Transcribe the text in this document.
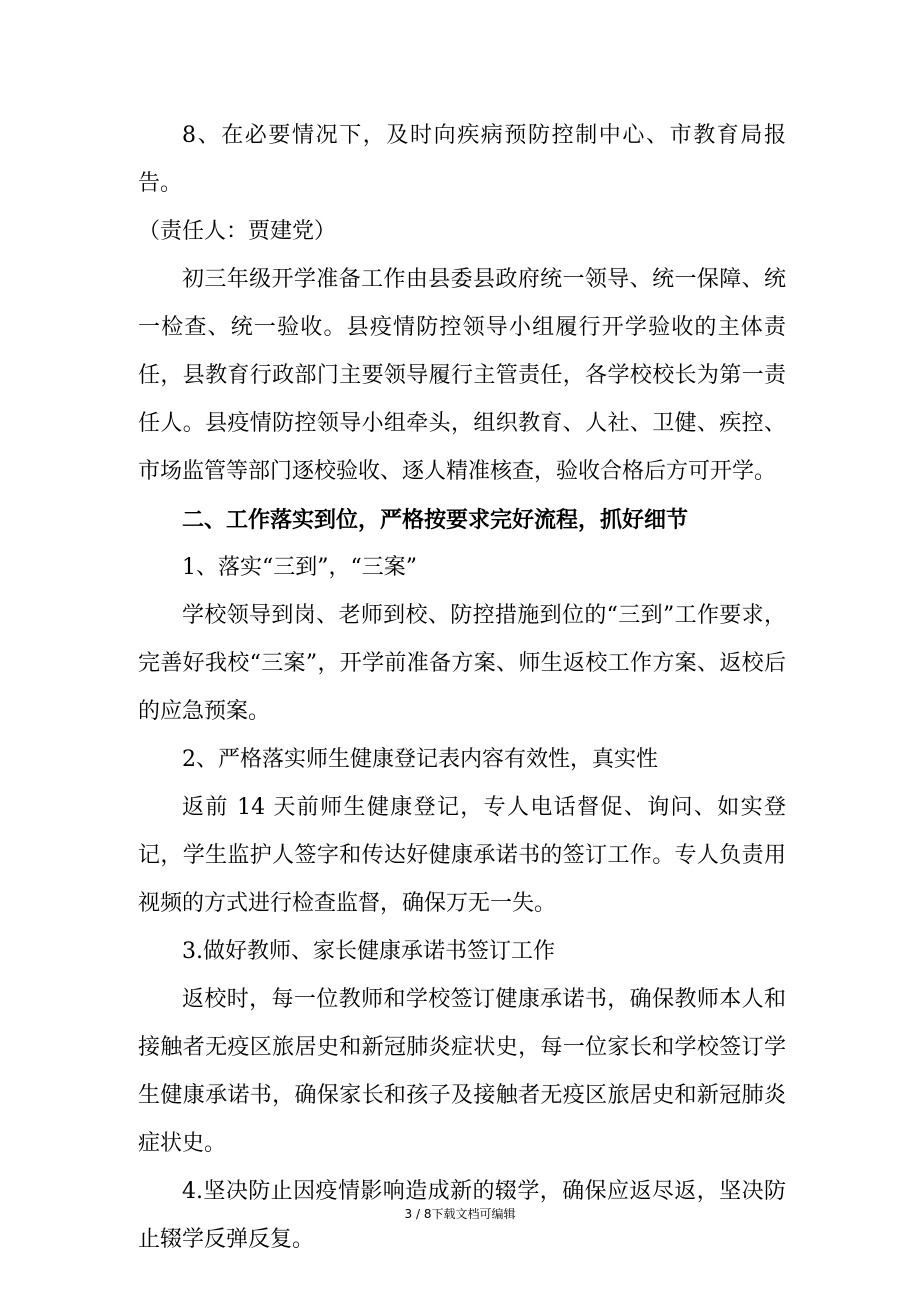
8、在必要情况下，及时向疾病预防控制中心、市教育局报告。

（责任人：贾建党）

初三年级开学准备工作由县委县政府统一领导、统一保障、统一检查、统一验收。县疫情防控领导小组履行开学验收的主体责任，县教育行政部门主要领导履行主管责任，各学校校长为第一责任人。县疫情防控领导小组牵头，组织教育、人社、卫健、疾控、市场监管等部门逐校验收、逐人精准核查，验收合格后方可开学。

二、工作落实到位，严格按要求完好流程，抓好细节

1、落实“三到”，“三案”

学校领导到岗、老师到校、防控措施到位的“三到”工作要求，完善好我校“三案”，开学前准备方案、师生返校工作方案、返校后的应急预案。

2、严格落实师生健康登记表内容有效性，真实性

返前 14 天前师生健康登记，专人电话督促、询问、如实登记，学生监护人签字和传达好健康承诺书的签订工作。专人负责用视频的方式进行检查监督，确保万无一失。

3.做好教师、家长健康承诺书签订工作

返校时，每一位教师和学校签订健康承诺书，确保教师本人和接触者无疫区旅居史和新冠肺炎症状史，每一位家长和学校签订学生健康承诺书，确保家长和孩子及接触者无疫区旅居史和新冠肺炎症状史。

4.坚决防止因疫情影响造成新的辍学，确保应返尽返，坚决防止辍学反弹反复。

3 / 8下载文档可编辑
